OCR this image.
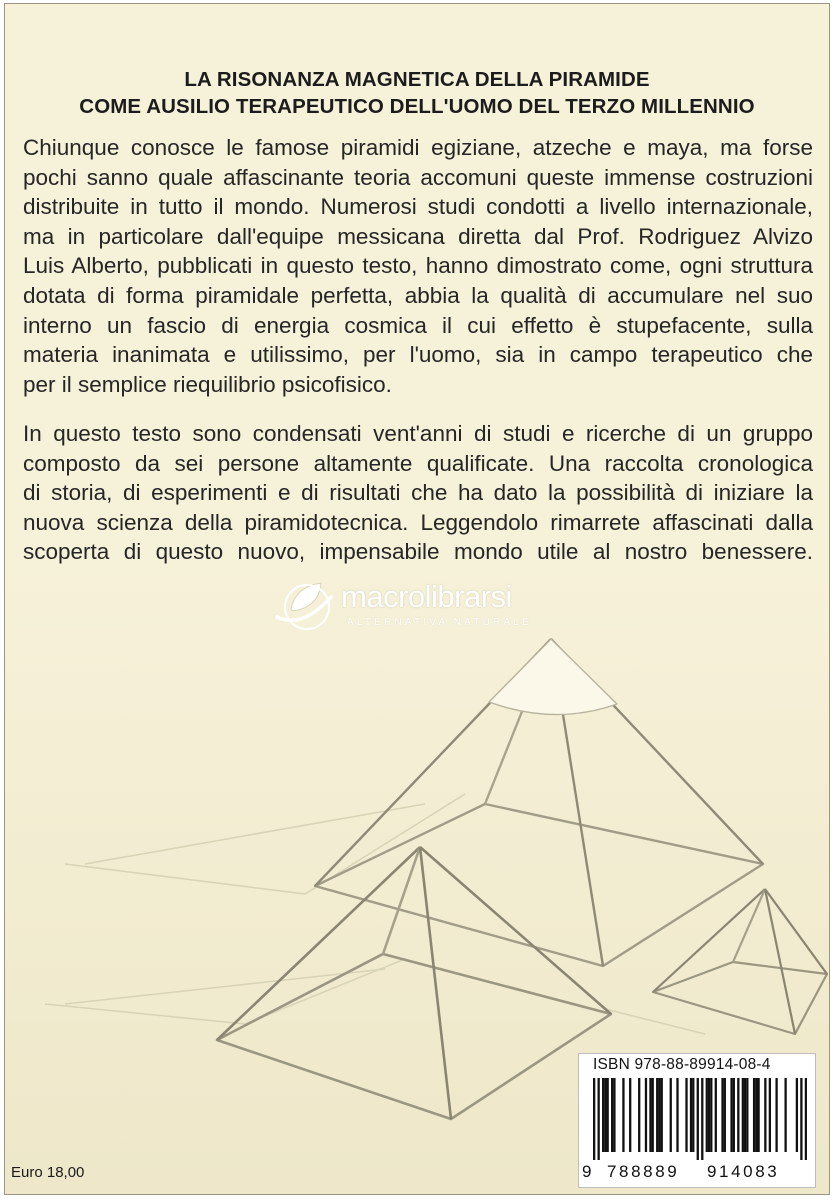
LA RISONANZA MAGNETICA DELLA PIRAMIDE
COME AUSILIO TERAPEUTICO DELL'UOMO DEL TERZO MILLENNIO
Chiunque conosce le famose piramidi egiziane, atzeche e maya, ma forse
pochi sanno quale affascinante teoria accomuni queste immense costruzioni
distribuite in tutto il mondo. Numerosi studi condotti a livello internazionale,
ma in particolare dall'equipe messicana diretta dal Prof. Rodriguez Alvizo
Luis Alberto, pubblicati in questo testo, hanno dimostrato come, ogni struttura
dotata di forma piramidale perfetta, abbia la qualità di accumulare nel suo
interno un fascio di energia cosmica il cui effetto è stupefacente, sulla
materia inanimata e utilissimo, per l'uomo, sia in campo terapeutico che
per il semplice riequilibrio psicofisico.
In questo testo sono condensati vent'anni di studi e ricerche di un gruppo
composto da sei persone altamente qualificate. Una raccolta cronologica
di storia, di esperimenti e di risultati che ha dato la possibilità di iniziare la
nuova scienza della piramidotecnica. Leggendolo rimarrete affascinati dalla
scoperta di questo nuovo, impensabile mondo utile al nostro benessere.
macrolibrarsi
ALTERNATIVA NATURALE
ISBN 978-88-89914-08-4
9 788889 914083
Euro 18,00
